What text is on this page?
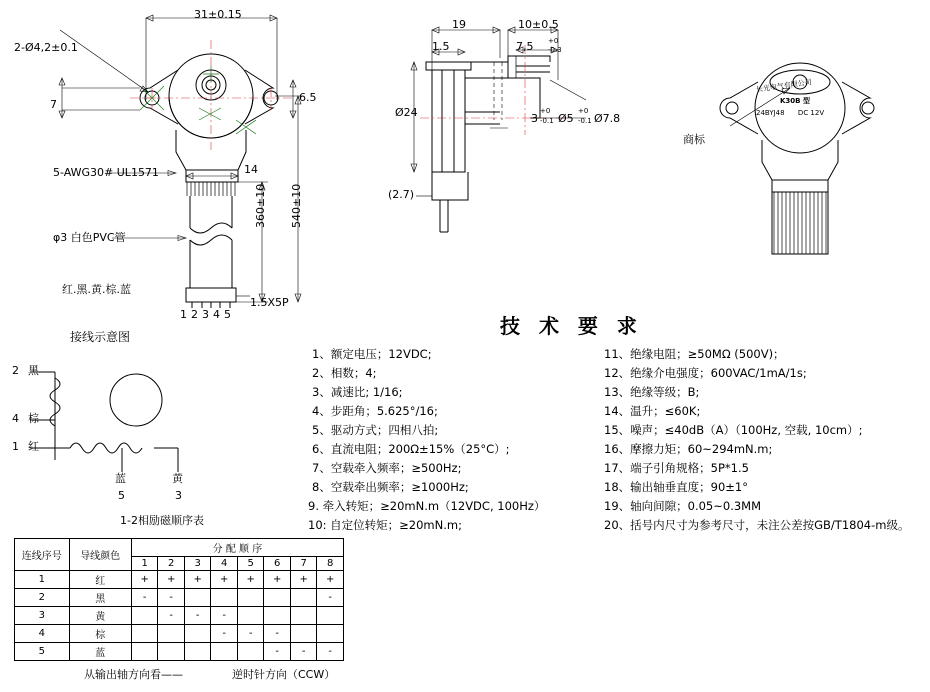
2-Ø4,2±0.1
31±0.15
7
6.5
14
360±10 540±10
1.5X5P
12345
5-AWG30# UL1571
φ3 白色PVC管
红.黑.黄.棕.蓝
19
1.5
10±0.5
7,5 +0
-0.3
Ø24	3
+0
-0.1 Ø5
+0
-0.1 Ø7.8
(2.7)
长光电气有限公司
K30B 型
24BYJ48      DC 12V
商标
接线示意图
2 黑
4 棕
1 红
蓝
5
黄
3
技 术 要 求
1、额定电压；12VDC;
2、相数；4;
3、减速比; 1/16;
4、步距角；5.625°/16;
5、驱动方式；四相八拍;
6、直流电阻；200Ω±15%（25°C）;
7、空载牵入频率；≥500Hz;
8、空载牵出频率；≥1000Hz;
9. 牵入转矩；≥20mN.m（12VDC, 100Hz）
10: 自定位转矩；≥20mN.m;
11、绝缘电阻；≥50MΩ (500V)；
12、绝缘介电强度；600VAC/1mA/1s;
13、绝缘等级；B;
14、温升；≤60K;
15、噪声；≤40dB（A）（100Hz, 空载, 10cm）;
16、摩擦力矩；60~294mN.m;
17、端子引角规格；5P*1.5
18、输出轴垂直度；90±1°
19、轴向间隙；0.05~0.3MM
20、括号内尺寸为参考尺寸，未注公差按GB/T1804-m级。
1-2相励磁顺序表
连线序号	导线颜色	分 配 顺 序							
		1	2	3	4	5	6	7	8
1	红	+	+	+	+	+	+	+	+
2	黑	-	-						-
3	黄		-	-	-				
4	棕				-	-	-		
5	蓝						-	-	-
从输出轴方向看——	逆时针方向（CCW）
